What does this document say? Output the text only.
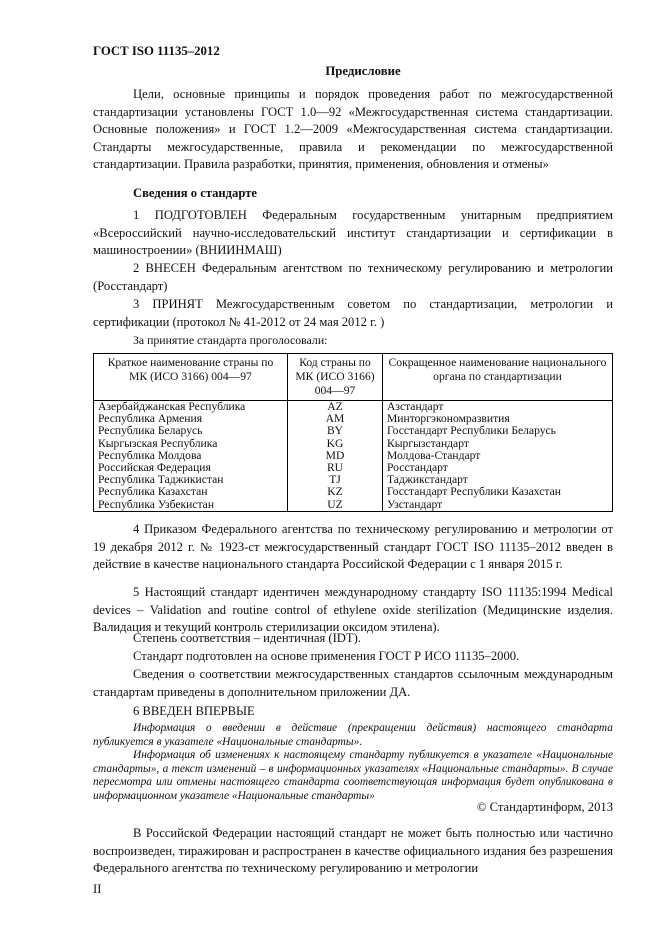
ГОСТ ISO 11135–2012
Предисловие
Цели, основные принципы и порядок проведения работ по межгосударственной стандартизации установлены ГОСТ 1.0—92 «Межгосударственная система стандартизации. Основные положения» и ГОСТ 1.2—2009 «Межгосударственная система стандартизации. Стандарты межгосударственные, правила и рекомендации по межгосударственной стандартизации. Правила разработки, принятия, применения, обновления и отмены»
Сведения о стандарте
1 ПОДГОТОВЛЕН Федеральным государственным унитарным предприятием «Всероссийский научно-исследовательский институт стандартизации и сертификации в машиностроении» (ВНИИНМАШ)
2 ВНЕСЕН Федеральным агентством по техническому регулированию и метрологии (Росстандарт)
3 ПРИНЯТ Межгосударственным советом по стандартизации, метрологии и сертификации (протокол № 41-2012 от 24 мая 2012 г. )
За принятие стандарта проголосовали:
Краткое наименование страны по МК (ИСО 3166) 004—97	Код страны по МК (ИСО 3166) 004—97	Сокращенное наименование национального органа по стандартизации
Азербайджанская Республика	AZ	Азстандарт
Республика Армения	AM	Минторгэкономразвития
Республика Беларусь	BY	Госстандарт Республики Беларусь
Кыргызская Республика	KG	Кыргызстандарт
Республика Молдова	MD	Молдова-Стандарт
Российская Федерация	RU	Росстандарт
Республика Таджикистан	TJ	Таджикстандарт
Республика Казахстан	KZ	Госстандарт Республики Казахстан
Республика Узбекистан	UZ	Узстандарт
4 Приказом Федерального агентства по техническому регулированию и метрологии от 19 декабря 2012 г. № 1923-ст межгосударственный стандарт ГОСТ ISO 11135–2012 введен в действие в качестве национального стандарта Российской Федерации с 1 января 2015 г.
5 Настоящий стандарт идентичен международному стандарту ISO 11135:1994 Medical devices – Validation and routine control of ethylene oxide sterilization (Медицинские изделия. Валидация и текущий контроль стерилизации оксидом этилена).
Степень соответствия – идентичная (IDT).
Стандарт подготовлен на основе применения ГОСТ Р ИСО 11135–2000.
Сведения о соответствии межгосударственных стандартов ссылочным международным стандартам приведены в дополнительном приложении ДА.
6 ВВЕДЕН ВПЕРВЫЕ
Информация о введении в действие (прекращении действия) настоящего стандарта публикуется в указателе «Национальные стандарты».
Информация об изменениях к настоящему стандарту публикуется в указателе «Национальные стандарты», а текст изменений – в информационных указателях «Национальные стандарты». В случае пересмотра или отмены настоящего стандарта соответствующая информация будет опубликована в информационном указателе «Национальные стандарты»
© Стандартинформ, 2013
В Российской Федерации настоящий стандарт не может быть полностью или частично воспроизведен, тиражирован и распространен в качестве официального издания без разрешения Федерального агентства по техническому регулированию и метрологии
II
